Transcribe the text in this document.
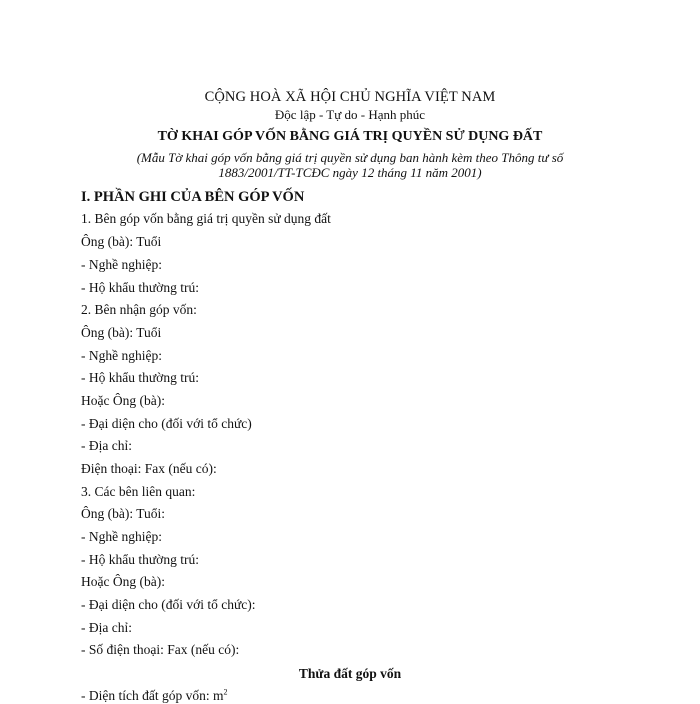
CỘNG HOÀ XÃ HỘI CHỦ NGHĨA VIỆT NAM
Độc lập - Tự do - Hạnh phúc
TỜ KHAI GÓP VỐN BẰNG GIÁ TRỊ QUYỀN SỬ DỤNG ĐẤT
(Mẫu Tờ khai góp vốn bằng giá trị quyền sử dụng ban hành kèm theo Thông tư số
1883/2001/TT-TCĐC ngày 12 tháng 11 năm 2001)
I. PHẦN GHI CỦA BÊN GÓP VỐN
1. Bên góp vốn bằng giá trị quyền sử dụng đất
Ông (bà): Tuổi
- Nghề nghiệp:
- Hộ khẩu thường trú:
2. Bên nhận góp vốn:
Ông (bà): Tuổi
- Nghề nghiệp:
- Hộ khẩu thường trú:
Hoặc Ông (bà):
- Đại diện cho (đối với tổ chức)
- Địa chỉ:
Điện thoại: Fax (nếu có):
3. Các bên liên quan:
Ông (bà): Tuổi:
- Nghề nghiệp:
- Hộ khẩu thường trú:
Hoặc Ông (bà):
- Đại diện cho (đối với tổ chức):
- Địa chỉ:
- Số điện thoại: Fax (nếu có):
Thửa đất góp vốn
- Diện tích đất góp vốn: $m^2$
